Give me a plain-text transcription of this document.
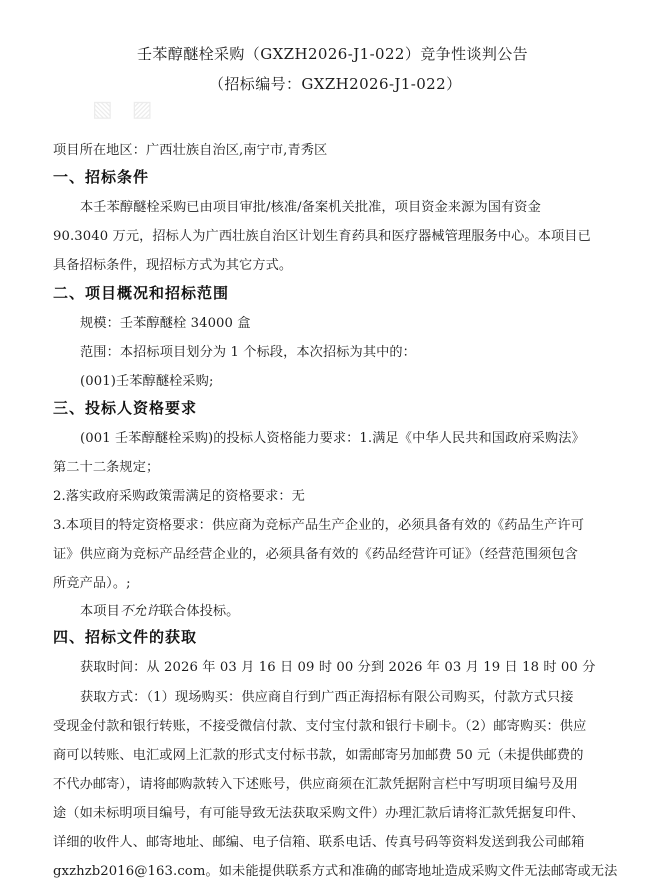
▧ ▨
壬苯醇醚栓采购（GXZH2026-J1-022）竞争性谈判公告
（招标编号：GXZH2026-J1-022）
项目所在地区：广西壮族自治区,南宁市,青秀区
一、招标条件
本壬苯醇醚栓采购已由项目审批/核准/备案机关批准，项目资金来源为国有资金
90.3040 万元，招标人为广西壮族自治区计划生育药具和医疗器械管理服务中心。本项目已
具备招标条件，现招标方式为其它方式。
二、项目概况和招标范围
规模：壬苯醇醚栓 34000 盒
范围：本招标项目划分为 1 个标段，本次招标为其中的：
(001)壬苯醇醚栓采购;
三、投标人资格要求
(001 壬苯醇醚栓采购)的投标人资格能力要求：1.满足《中华人民共和国政府采购法》
第二十二条规定；
2.落实政府采购政策需满足的资格要求：无
3.本项目的特定资格要求：供应商为竞标产品生产企业的，必须具备有效的《药品生产许可
证》供应商为竞标产品经营企业的，必须具备有效的《药品经营许可证》（经营范围须包含
所竞产品）。;
本项目不允许联合体投标。
四、招标文件的获取
获取时间：从 2026 年 03 月 16 日 09 时 00 分到 2026 年 03 月 19 日 18 时 00 分
获取方式：（1）现场购买：供应商自行到广西正海招标有限公司购买，付款方式只接
受现金付款和银行转账，不接受微信付款、支付宝付款和银行卡刷卡。（2）邮寄购买：供应
商可以转账、电汇或网上汇款的形式支付标书款，如需邮寄另加邮费 50 元（未提供邮费的
不代办邮寄），请将邮购款转入下述账号，供应商须在汇款凭据附言栏中写明项目编号及用
途（如未标明项目编号，有可能导致无法获取采购文件）办理汇款后请将汇款凭据复印件、
详细的收件人、邮寄地址、邮编、电子信箱、联系电话、传真号码等资料发送到我公司邮箱
gxzhzb2016@163.com。如未能提供联系方式和准确的邮寄地址造成采购文件无法邮寄或无法
